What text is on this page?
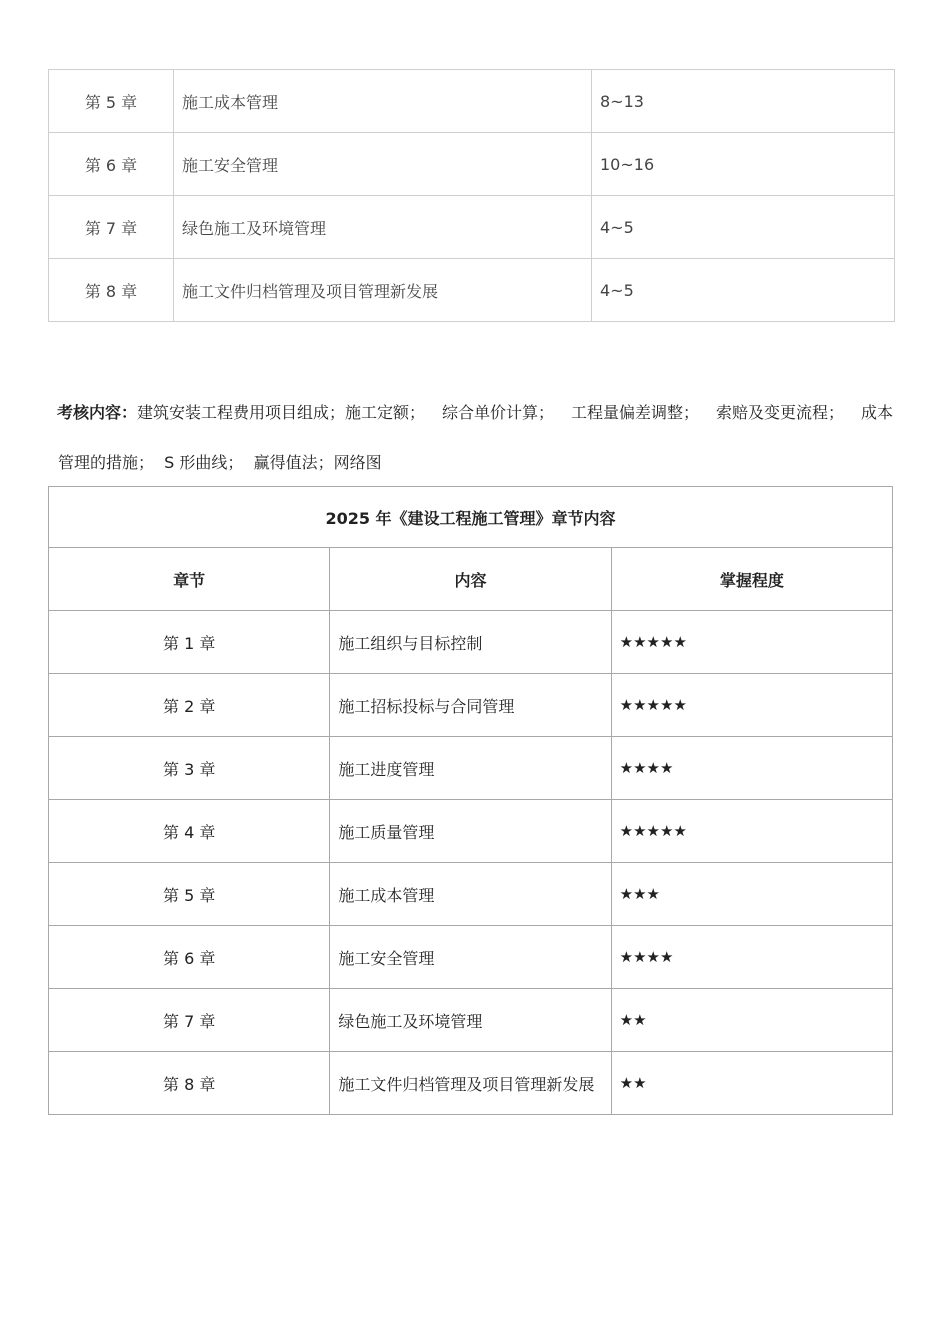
第 5 章	施工成本管理	8~13
第 6 章	施工安全管理	10~16
第 7 章	绿色施工及环境管理	4~5
第 8 章	施工文件归档管理及项目管理新发展	4~5
考核内容：建筑安装工程费用项目组成；施工定额； 综合单价计算； 工程量偏差调整； 索赔及变更流程； 成本
管理的措施；  S 形曲线；  赢得值法；网络图
2025 年《建设工程施工管理》章节内容		
章节	内容	掌握程度
第 1 章	施工组织与目标控制	★★★★★
第 2 章	施工招标投标与合同管理	★★★★★
第 3 章	施工进度管理	★★★★
第 4 章	施工质量管理	★★★★★
第 5 章	施工成本管理	★★★
第 6 章	施工安全管理	★★★★
第 7 章	绿色施工及环境管理	★★
第 8 章	施工文件归档管理及项目管理新发展	★★
